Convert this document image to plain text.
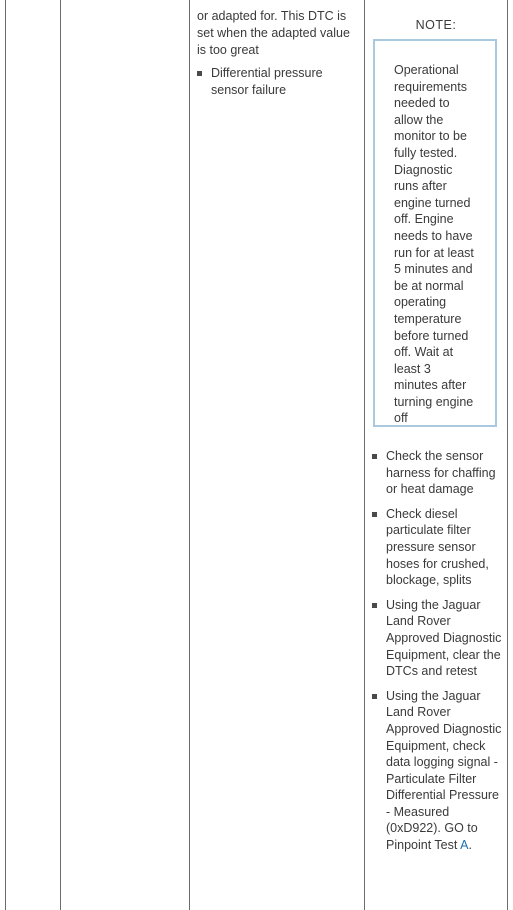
or adapted for. This DTC is set when the adapted value is too great
Differential pressure sensor failure
NOTE:
Operational requirements needed to allow the monitor to be fully tested. Diagnostic runs after engine turned off. Engine needs to have run for at least 5 minutes and be at normal operating temperature before turned off. Wait at least 3 minutes after turning engine off
Check the sensor harness for chaffing or heat damage
Check diesel particulate filter pressure sensor hoses for crushed, blockage, splits
Using the Jaguar Land Rover Approved Diagnostic Equipment, clear the DTCs and retest
Using the Jaguar Land Rover Approved Diagnostic Equipment, check data logging signal - Particulate Filter Differential Pressure - Measured (0xD922). GO to Pinpoint Test A.
